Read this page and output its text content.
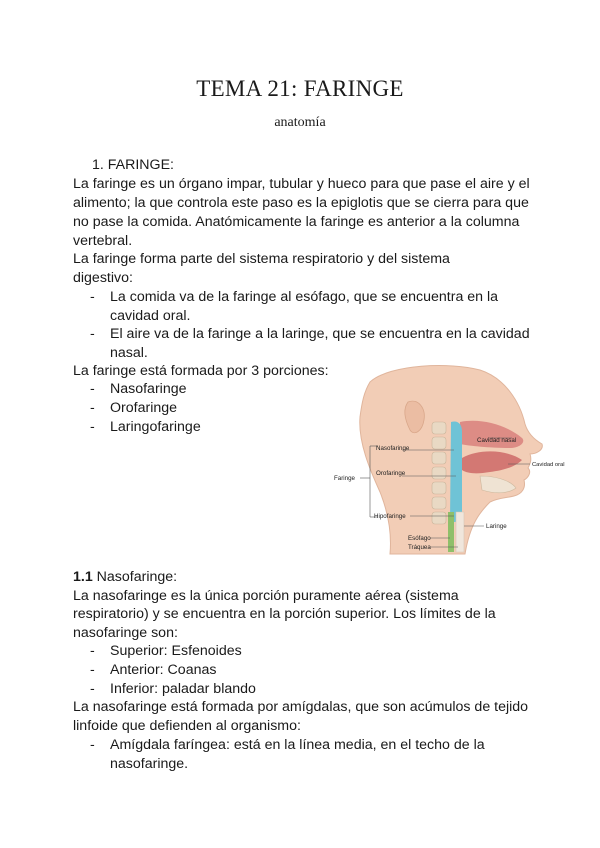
TEMA 21: FARINGE
anatomía
1. FARINGE:
La faringe es un órgano impar, tubular y hueco para que pase el aire y el
alimento; la que controla este paso es la epiglotis que se cierra para que
no pase la comida. Anatómicamente la faringe es anterior a la columna
vertebral.
La faringe forma parte del sistema respiratorio y del sistema
digestivo:
- La comida va de la faringe al esófago, que se encuentra en la
cavidad oral.
- El aire va de la faringe a la laringe, que se encuentra en la cavidad
nasal.
La faringe está formada por 3 porciones:
- Nasofaringe
- Orofaringe
- Laringofaringe
Faringe
Nasofaringe
Orofaringe
Hipofaringe
Cavidad nasal
Cavidad oral
Laringe
Esófago
Tráquea
1.1 Nasofaringe:
La nasofaringe es la única porción puramente aérea (sistema
respiratorio) y se encuentra en la porción superior. Los límites de la
nasofaringe son:
- Superior: Esfenoides
- Anterior: Coanas
- Inferior: paladar blando
La nasofaringe está formada por amígdalas, que son acúmulos de tejido
linfoide que defienden al organismo:
- Amígdala faríngea: está en la línea media, en el techo de la
nasofaringe.
